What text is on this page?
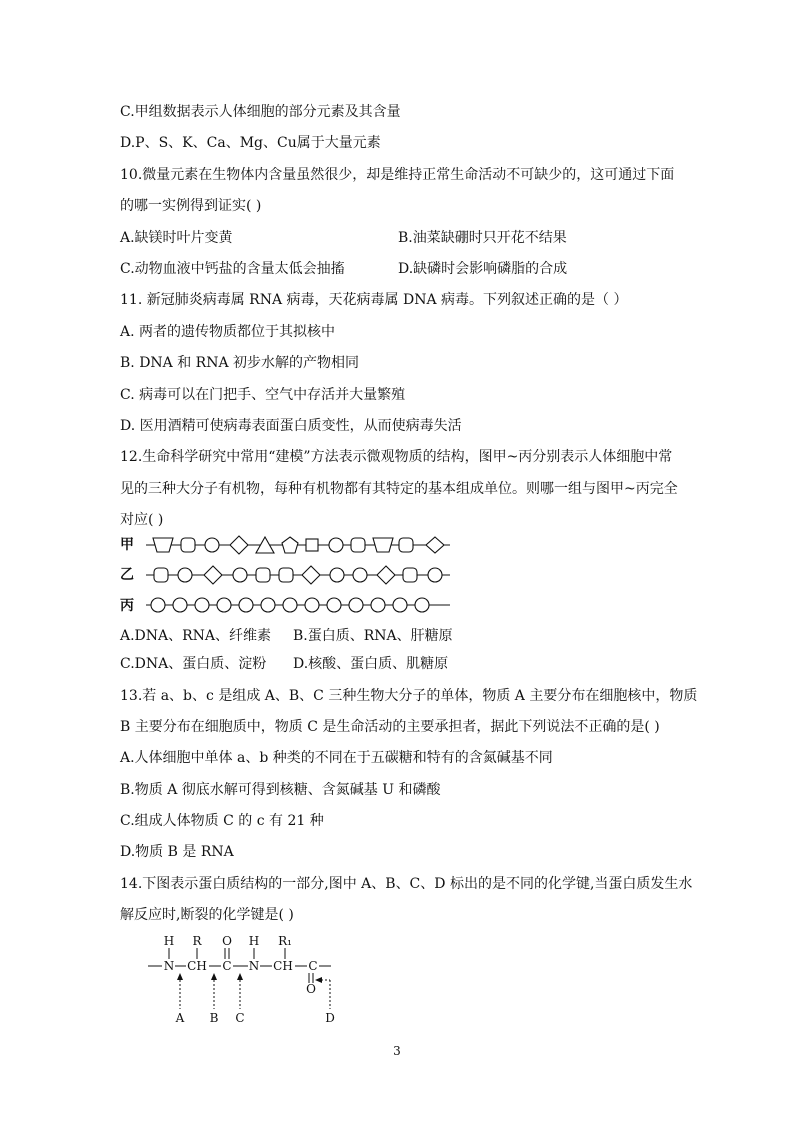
C.甲组数据表示人体细胞的部分元素及其含量
D.P、S、K、Ca、Mg、Cu属于大量元素
10.微量元素在生物体内含量虽然很少，却是维持正常生命活动不可缺少的，这可通过下面
的哪一实例得到证实( )
A.缺镁时叶片变黄	B.油菜缺硼时只开花不结果
C.动物血液中钙盐的含量太低会抽搐	D.缺磷时会影响磷脂的合成
11. 新冠肺炎病毒属 RNA 病毒，天花病毒属 DNA 病毒。下列叙述正确的是（ ）
A. 两者的遗传物质都位于其拟核中
B. DNA 和 RNA 初步水解的产物相同
C. 病毒可以在门把手、空气中存活并大量繁殖
D. 医用酒精可使病毒表面蛋白质变性，从而使病毒失活
12.生命科学研究中常用“建模”方法表示微观物质的结构，图甲~丙分别表示人体细胞中常
见的三种大分子有机物，每种有机物都有其特定的基本组成单位。则哪一组与图甲~丙完全
对应( )
甲
乙
丙
A.DNA、RNA、纤维素 B.蛋白质、RNA、肝糖原
C.DNA、蛋白质、淀粉 D.核酸、蛋白质、肌糖原
13.若 a、b、c 是组成 A、B、C 三种生物大分子的单体，物质 A 主要分布在细胞核中，物质
B 主要分布在细胞质中，物质 C 是生命活动的主要承担者，据此下列说法不正确的是( )
A.人体细胞中单体 a、b 种类的不同在于五碳糖和特有的含氮碱基不同
B.物质 A 彻底水解可得到核糖、含氮碱基 U 和磷酸
C.组成人体物质 C 的 c 有 21 种
D.物质 B 是 RNA
14.下图表示蛋白质结构的一部分,图中 A、B、C、D 标出的是不同的化学键,当蛋白质发生水
解反应时,断裂的化学键是( )
H R O H R₁
N CH C N CH C
O
A B C	D
3
